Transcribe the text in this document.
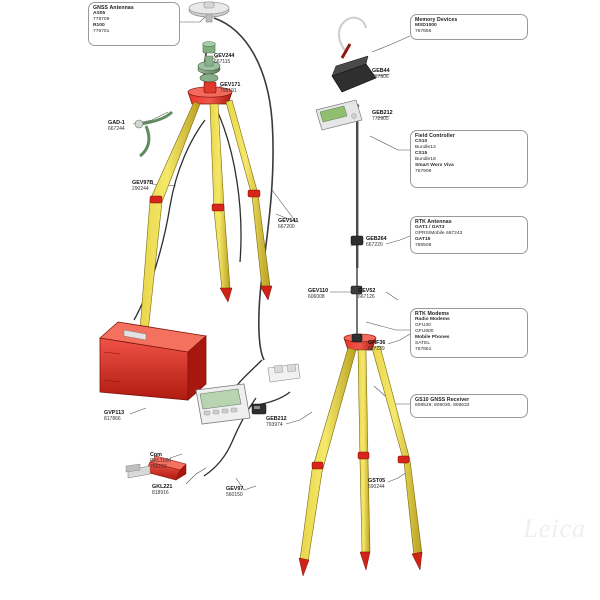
GNSS Antennas
AS05
778709
R100
776701
Memory Devices
MSD1000
767856
Field Controller
CS10
Bundle13
CS15
Bundle18
Smart Worx Viva
767909
RTK Antennas
GAT1 / GAT3
GPRS/Mobile 667243
GAT15
780508
RTK Modems
Radio Modems
GFU30
GFU800
Mobile Phones
SATEL
767861
GS10 GNSS Receiver
808529, 808030, 808633
GEV244
667115
GEV171
758191
GAD-1
667244
GEV97B
290244
GEV141
667200
GEV110
606008
GVP113
817866
GEV52
667126
GEB264
667220
GHF36
667239
GST05
590244
GKL221
818916
Cpm
GKL1000
766152
GEB212
793974
GEV97
560150
GEB44
767806
GEB212
772905
Leica
